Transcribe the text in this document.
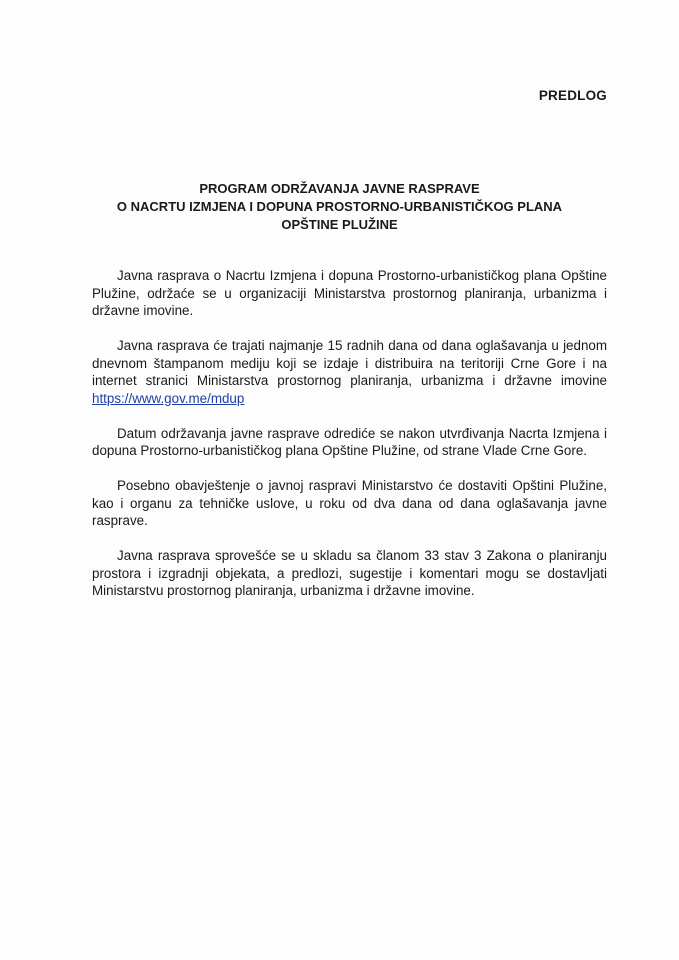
PREDLOG
PROGRAM ODRŽAVANJA JAVNE RASPRAVE
O NACRTU IZMJENA I DOPUNA PROSTORNO-URBANISTIČKOG PLANA
OPŠTINE PLUŽINE

Javna rasprava o Nacrtu Izmjena i dopuna Prostorno-urbanističkog plana Opštine Plužine, održaće se u organizaciji Ministarstva prostornog planiranja, urbanizma i državne imovine.

Javna rasprava će trajati najmanje 15 radnih dana od dana oglašavanja u jednom dnevnom štampanom mediju koji se izdaje i distribuira na teritoriji Crne Gore i na internet stranici Ministarstva prostornog planiranja, urbanizma i državne imovine https://www.gov.me/mdup

Datum održavanja javne rasprave odrediće se nakon utvrđivanja Nacrta Izmjena i dopuna Prostorno-urbanističkog plana Opštine Plužine, od strane Vlade Crne Gore.

Posebno obavještenje o javnoj raspravi Ministarstvo će dostaviti Opštini Plužine, kao i organu za tehničke uslove, u roku od dva dana od dana oglašavanja javne rasprave.

Javna rasprava sprovešće se u skladu sa članom 33 stav 3 Zakona o planiranju prostora i izgradnji objekata, a predlozi, sugestije i komentari mogu se dostavljati Ministarstvu prostornog planiranja, urbanizma i državne imovine.
